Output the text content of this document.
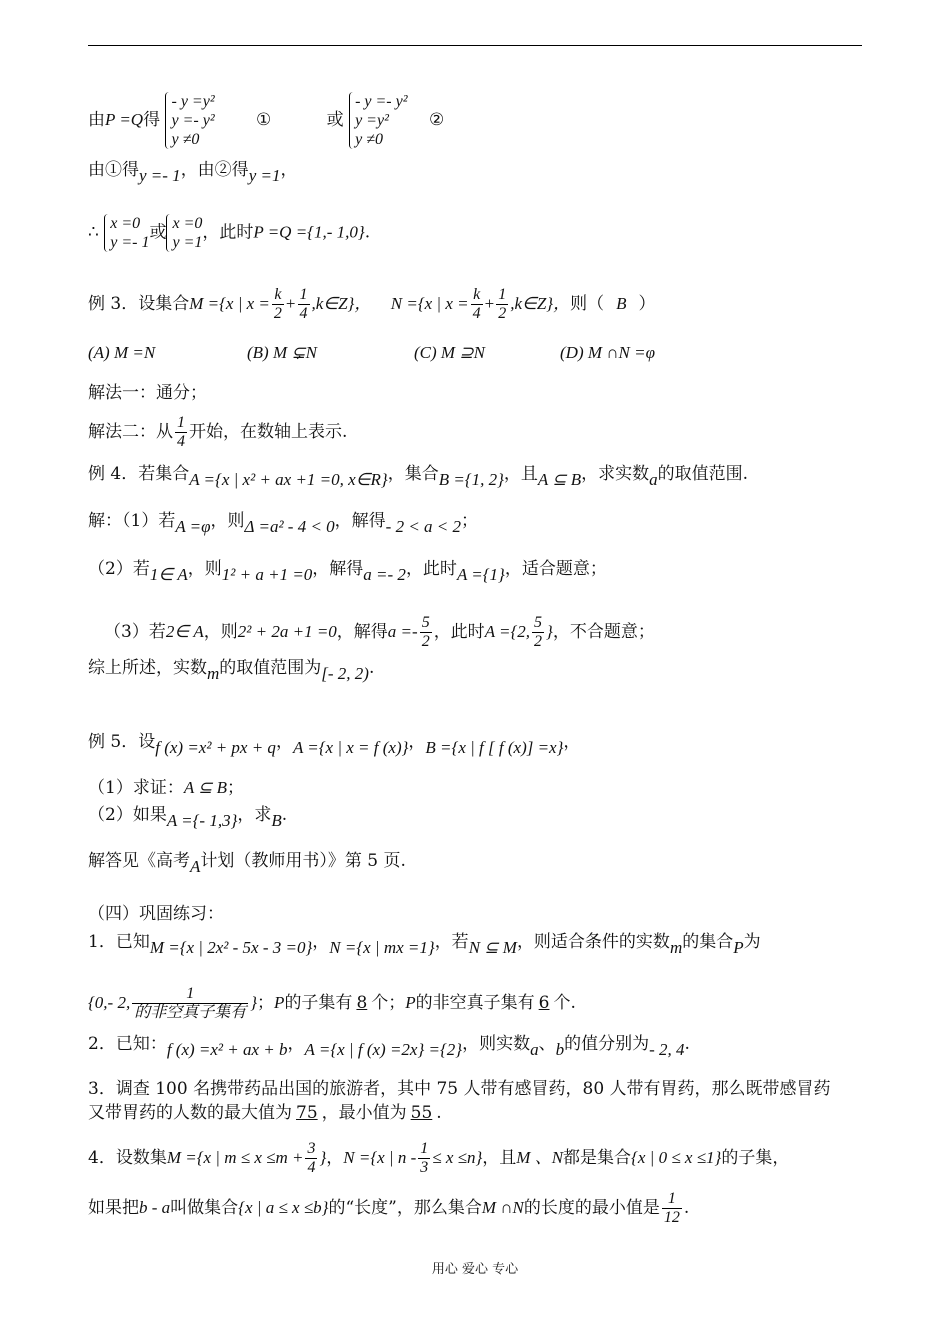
由P =Q得 - y =y²
y =- y²
y ≠0 ①	或 - y =- y²
y =y²
y ≠0 ②
由①得y =- 1，由②得y =1，
∴ x =0
y =- 1或 x =0
y =1，此时P =Q ={1,- 1,0}.
例 3．设集合M ={x | $x = \frac{k}{2} + \frac{1}{4}$ ,k∈Z}， N ={x | $x = \frac{k}{4} + \frac{1}{2}$ ,k∈Z}，则（ B ）
(A) M =N	(B) M ⊊N	(C) M ⊇N	(D) M ∩N =φ
解法一：通分；
解法二：从 $\frac{1}{4}$ 开始，在数轴上表示.
例 4．若集合A ={x | x² + ax +1 =0, x∈R}，集合B ={1, 2}，且A ⊆ B，求实数a的取值范围.
解：（1）若A =φ，则Δ =a² - 4 < 0，解得- 2 < a < 2；
（2）若1∈ A，则1² + a +1 =0，解得a =- 2，此时A ={1}，适合题意；
（3）若2∈ A，则2² + 2a +1 =0，解得$a =- \frac{5}{2}$ ，此时A ={2, $\frac{5}{2}$ }，不合题意；
综上所述，实数m的取值范围为[- 2, 2).
例 5．设f (x) =x² + px + q，A ={x | x = f (x)}，B ={x | f [ f (x)] =x}，
（1）求证：A ⊆ B；
（2）如果A ={- 1,3}，求B.
解答见《高考A计划（教师用书）》第 5 页.
（四）巩固练习：
1．已知M ={x | 2x² - 5x - 3 =0}，N ={x | mx =1}，若N ⊆ M，则适合条件的实数m的集合P为
{0,- 2, $\frac{1}{\text{的非空真子集有}}$ }；P的子集有 8 个；P的非空真子集有 6 个.
2．已知：f (x) =x² + ax + b，A ={x | f (x) =2x} ={2}，则实数a、b的值分别为- 2, 4.
3．调查 100 名携带药品出国的旅游者，其中 75 人带有感冒药，80 人带有胃药，那么既带感冒药
又带胃药的人数的最大值为 75 ，最小值为 55 .
4．设数集M ={x | $m \le x \le m + \frac{3}{4}$ }，N ={x | $n - \frac{1}{3} \le x \le n$}，且M 、N都是集合{x | 0 ≤ x ≤1}的子集，
如果把b - a叫做集合{x | a ≤ x ≤b}的“长度”，那么集合M ∩N的长度的最小值是 $\frac{1}{12}$ .
用心 爱心 专心
